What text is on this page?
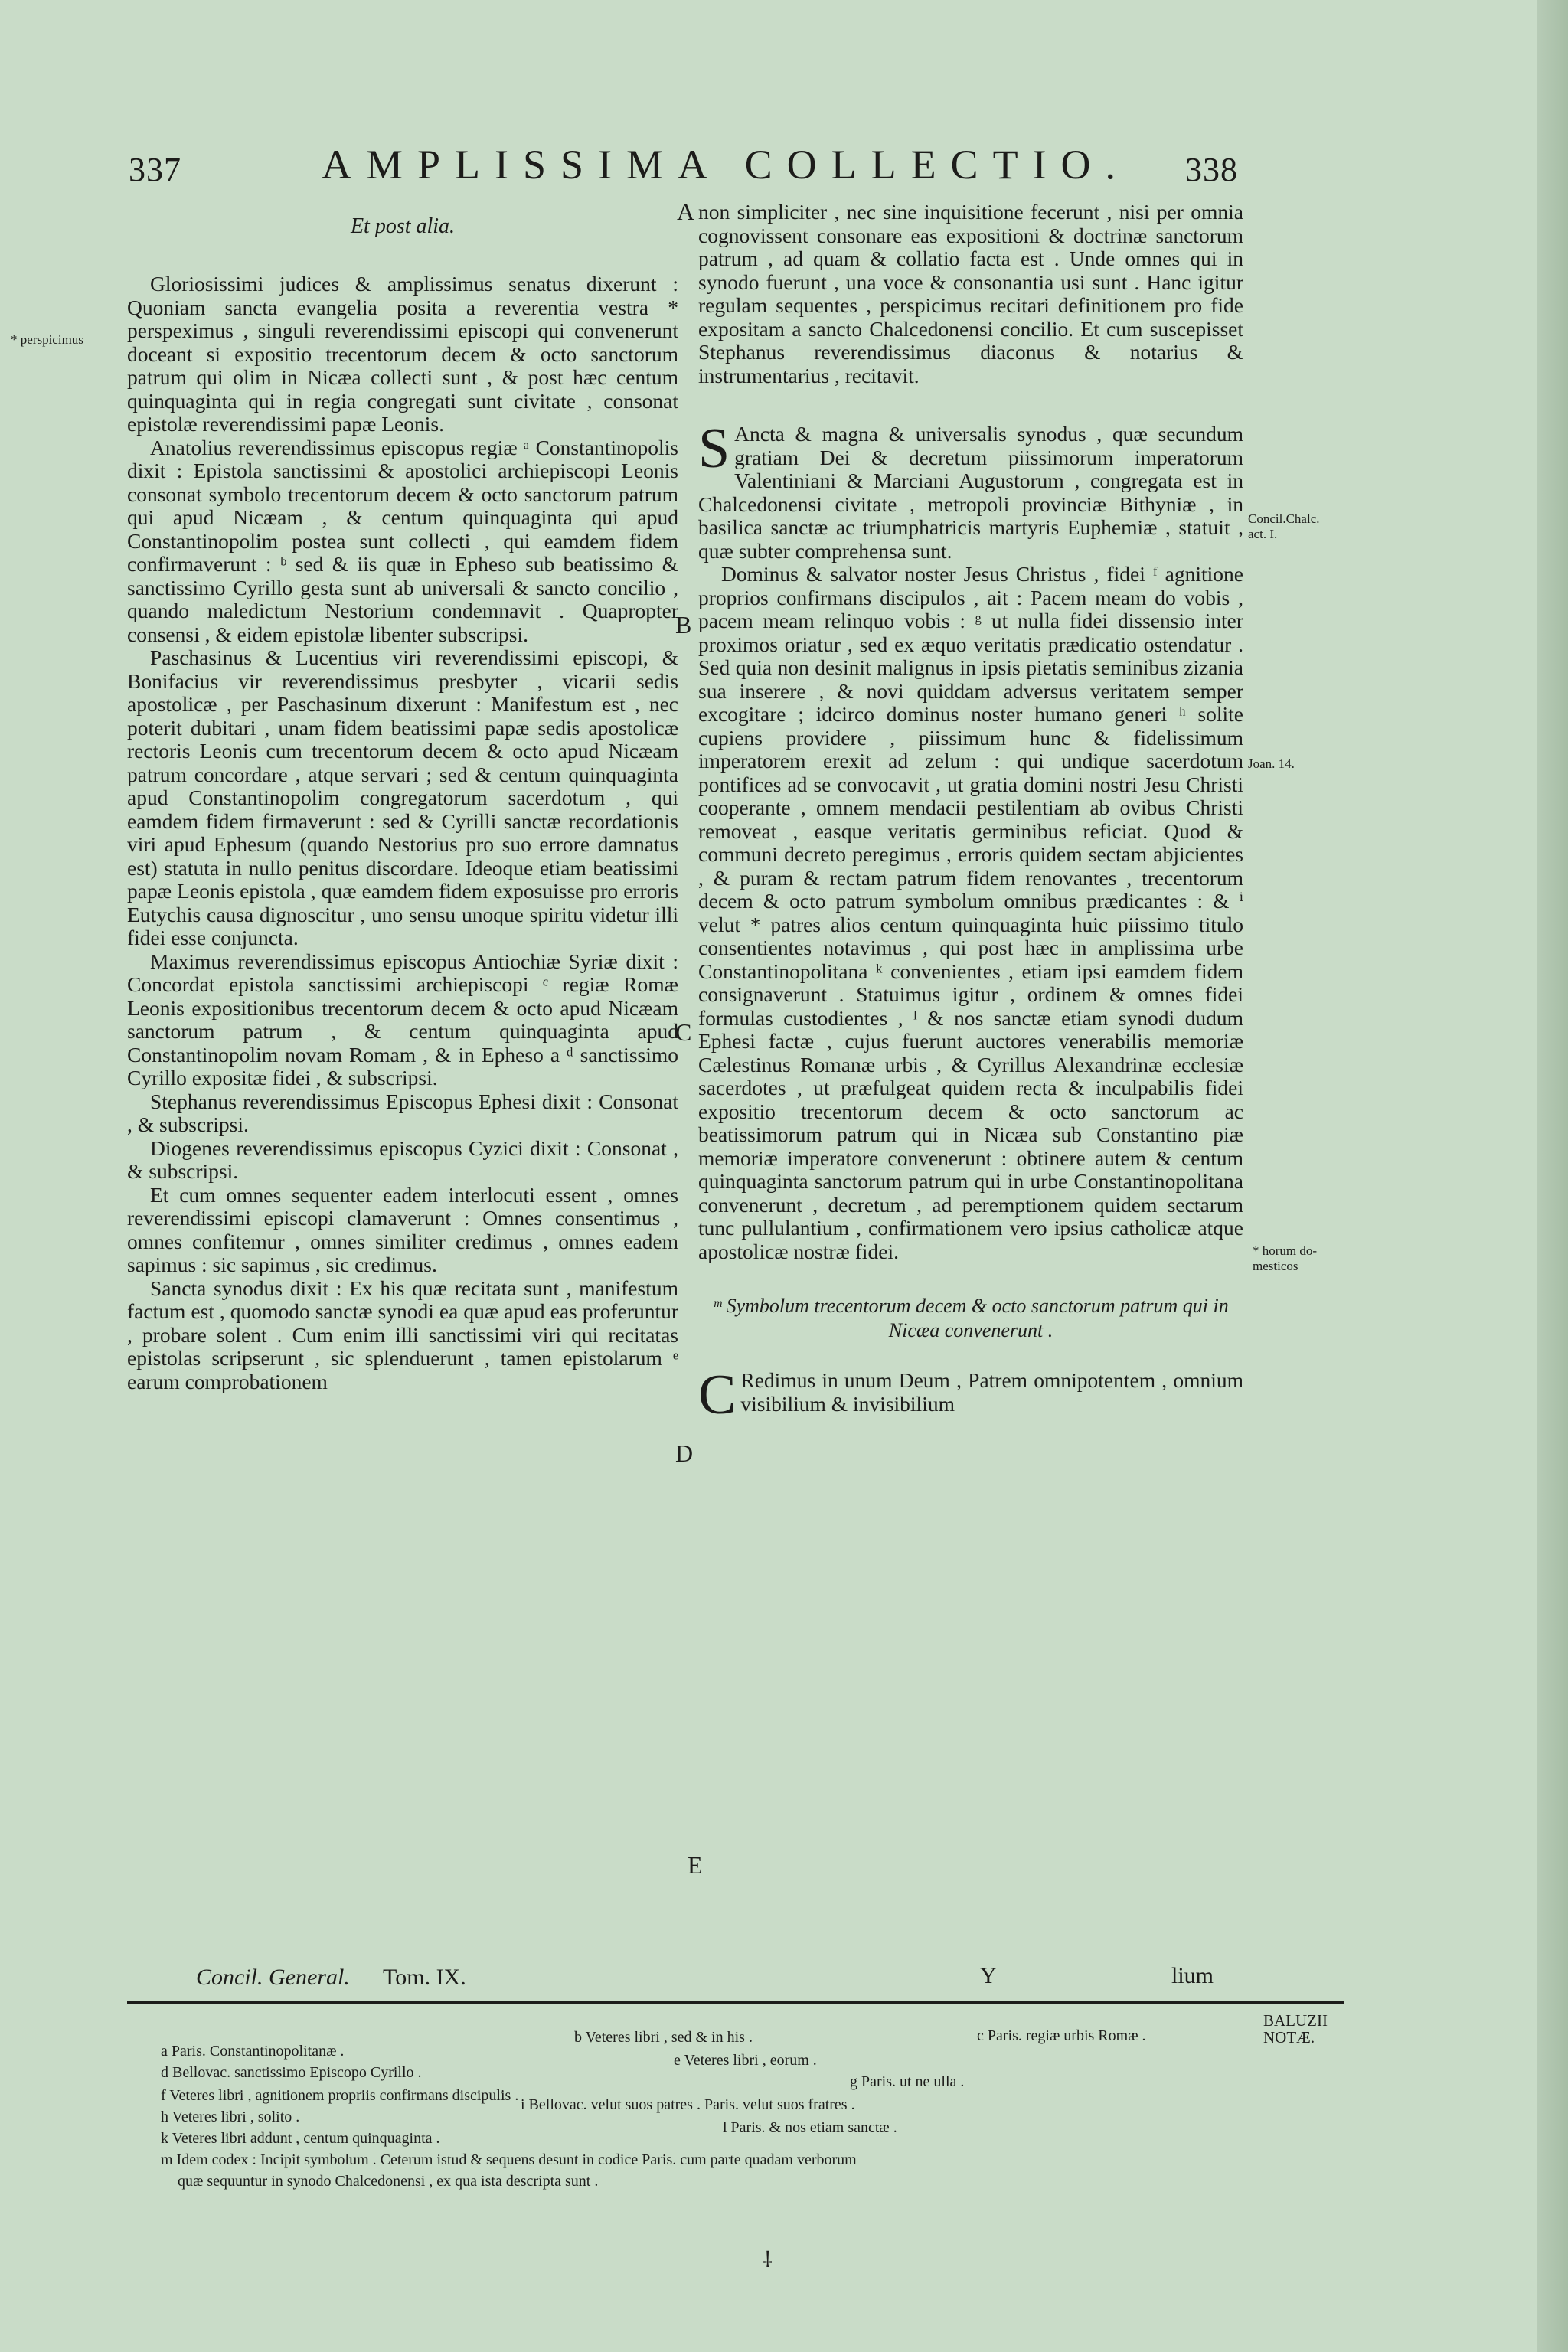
337	AMPLISSIMA COLLECTIO. 338
* perspicimus

Et post alia.

Gloriosissimi judices & amplissimus senatus dixerunt : Quoniam sancta evangelia posita a reverentia vestra * perspeximus , singuli reverendissimi episcopi qui convenerunt doceant si expositio trecentorum decem & octo sanctorum patrum qui olim in Nicæa collecti sunt , & post hæc centum quinquaginta qui in regia congregati sunt civitate , consonat epistolæ reverendissimi papæ Leonis.

Anatolius reverendissimus episcopus regiæ ᵃ Constantinopolis dixit : Epistola sanctissimi & apostolici archiepiscopi Leonis consonat symbolo trecentorum decem & octo sanctorum patrum qui apud Nicæam , & centum quinquaginta qui apud Constantinopolim postea sunt collecti , qui eamdem fidem confirmaverunt : ᵇ sed & iis quæ in Epheso sub beatissimo & sanctissimo Cyrillo gesta sunt ab universali & sancto concilio , quando maledictum Nestorium condemnavit . Quapropter consensi , & eidem epistolæ libenter subscripsi.

Paschasinus & Lucentius viri reverendissimi episcopi, & Bonifacius vir reverendissimus presbyter , vicarii sedis apostolicæ , per Paschasinum dixerunt : Manifestum est , nec poterit dubitari , unam fidem beatissimi papæ sedis apostolicæ rectoris Leonis cum trecentorum decem & octo apud Nicæam patrum concordare , atque servari ; sed & centum quinquaginta apud Constantinopolim congregatorum sacerdotum , qui eamdem fidem firmaverunt : sed & Cyrilli sanctæ recordationis viri apud Ephesum (quando Nestorius pro suo errore damnatus est) statuta in nullo penitus discordare. Ideoque etiam beatissimi papæ Leonis epistola , quæ eamdem fidem exposuisse pro erroris Eutychis causa dignoscitur , uno sensu unoque spiritu videtur illi fidei esse conjuncta.

Maximus reverendissimus episcopus Antiochiæ Syriæ dixit : Concordat epistola sanctissimi archiepiscopi ᶜ regiæ Romæ Leonis expositionibus trecentorum decem & octo apud Nicæam sanctorum patrum , & centum quinquaginta apud Constantinopolim novam Romam , & in Epheso a ᵈ sanctissimo Cyrillo expositæ fidei , & subscripsi.

Stephanus reverendissimus Episcopus Ephesi dixit : Consonat , & subscripsi.

Diogenes reverendissimus episcopus Cyzici dixit : Consonat , & subscripsi.

Et cum omnes sequenter eadem interlocuti essent , omnes reverendissimi episcopi clamaverunt : Omnes consentimus , omnes confitemur , omnes similiter credimus , omnes eadem sapimus : sic sapimus , sic credimus.

Sancta synodus dixit : Ex his quæ recitata sunt , manifestum factum est , quomodo sanctæ synodi ea quæ apud eas proferuntur , probare solent . Cum enim illi sanctissimi viri qui recitatas epistolas scripserunt , sic splenduerunt , tamen epistolarum ᵉ earum comprobationem

A
B
C
D
E

non simpliciter , nec sine inquisitione fecerunt , nisi per omnia cognovissent consonare eas expositioni & doctrinæ sanctorum patrum , ad quam & collatio facta est . Unde omnes qui in synodo fuerunt , una voce & consonantia usi sunt . Hanc igitur regulam sequentes , perspicimus recitari definitionem pro fide expositam a sancto Chalcedonensi concilio. Et cum suscepisset Stephanus reverendissimus diaconus & notarius & instrumentarius , recitavit.

S Ancta & magna & universalis synodus , quæ secundum gratiam Dei & decretum piissimorum imperatorum Valentiniani & Marciani Augustorum , congregata est in Chalcedonensi civitate , metropoli provinciæ Bithyniæ , in basilica sanctæ ac triumphatricis martyris Euphemiæ , statuit , quæ subter comprehensa sunt.

Dominus & salvator noster Jesus Christus , fidei ᶠ agnitione proprios confirmans discipulos , ait : Pacem meam do vobis , pacem meam relinquo vobis : ᵍ ut nulla fidei dissensio inter proximos oriatur , sed ex æquo veritatis prædicatio ostendatur . Sed quia non desinit malignus in ipsis pietatis seminibus zizania sua inserere , & novi quiddam adversus veritatem semper excogitare ; idcirco dominus noster humano generi ʰ solite cupiens providere , piissimum hunc & fidelissimum imperatorem erexit ad zelum : qui undique sacerdotum pontifices ad se convocavit , ut gratia domini nostri Jesu Christi cooperante , omnem mendacii pestilentiam ab ovibus Christi removeat , easque veritatis germinibus reficiat. Quod & communi decreto peregimus , erroris quidem sectam abjicientes , & puram & rectam patrum fidem renovantes , trecentorum decem & octo patrum symbolum omnibus prædicantes : & ⁱ velut * patres alios centum quinquaginta huic piissimo titulo consentientes notavimus , qui post hæc in amplissima urbe Constantinopolitana ᵏ convenientes , etiam ipsi eamdem fidem consignaverunt . Statuimus igitur , ordinem & omnes fidei formulas custodientes , ˡ & nos sanctæ etiam synodi dudum Ephesi factæ , cujus fuerunt auctores venerabilis memoriæ Cælestinus Romanæ urbis , & Cyrillus Alexandrinæ ecclesiæ sacerdotes , ut præfulgeat quidem recta & inculpabilis fidei expositio trecentorum decem & octo sanctorum ac beatissimorum patrum qui in Nicæa sub Constantino piæ memoriæ imperatore convenerunt : obtinere autem & centum quinquaginta sanctorum patrum qui in urbe Constantinopolitana convenerunt , decretum , ad peremptionem quidem sectarum tunc pullulantium , confirmationem vero ipsius catholicæ atque apostolicæ nostræ fidei.

ᵐ Symbolum trecentorum decem & octo sanctorum patrum qui in Nicæa convenerunt .

C Redimus in unum Deum , Patrem omnipotentem , omnium visibilium & invisibilium

Concil.Chalc.
act. I.
Joan. 14.
* horum do-
mesticos
Concil. General. Tom. IX.	Y	lium
BALUZII
NOTÆ.
a Paris. Constantinopolitanæ .
b Veteres libri , sed & in his .	c Paris. regiæ urbis Romæ .
d Bellovac. sanctissimo Episcopo Cyrillo .
e Veteres libri , eorum .
f Veteres libri , agnitionem propriis confirmans discipulis .
g Paris. ut ne ulla .
h Veteres libri , solito .
i Bellovac. velut suos patres . Paris. velut suos fratres .
k Veteres libri addunt , centum quinquaginta .
l Paris. & nos etiam sanctæ .
m Idem codex : Incipit symbolum . Ceterum istud & sequens desunt in codice Paris. cum parte quadam verborum
quæ sequuntur in synodo Chalcedonensi , ex qua ista descripta sunt .
⸸
